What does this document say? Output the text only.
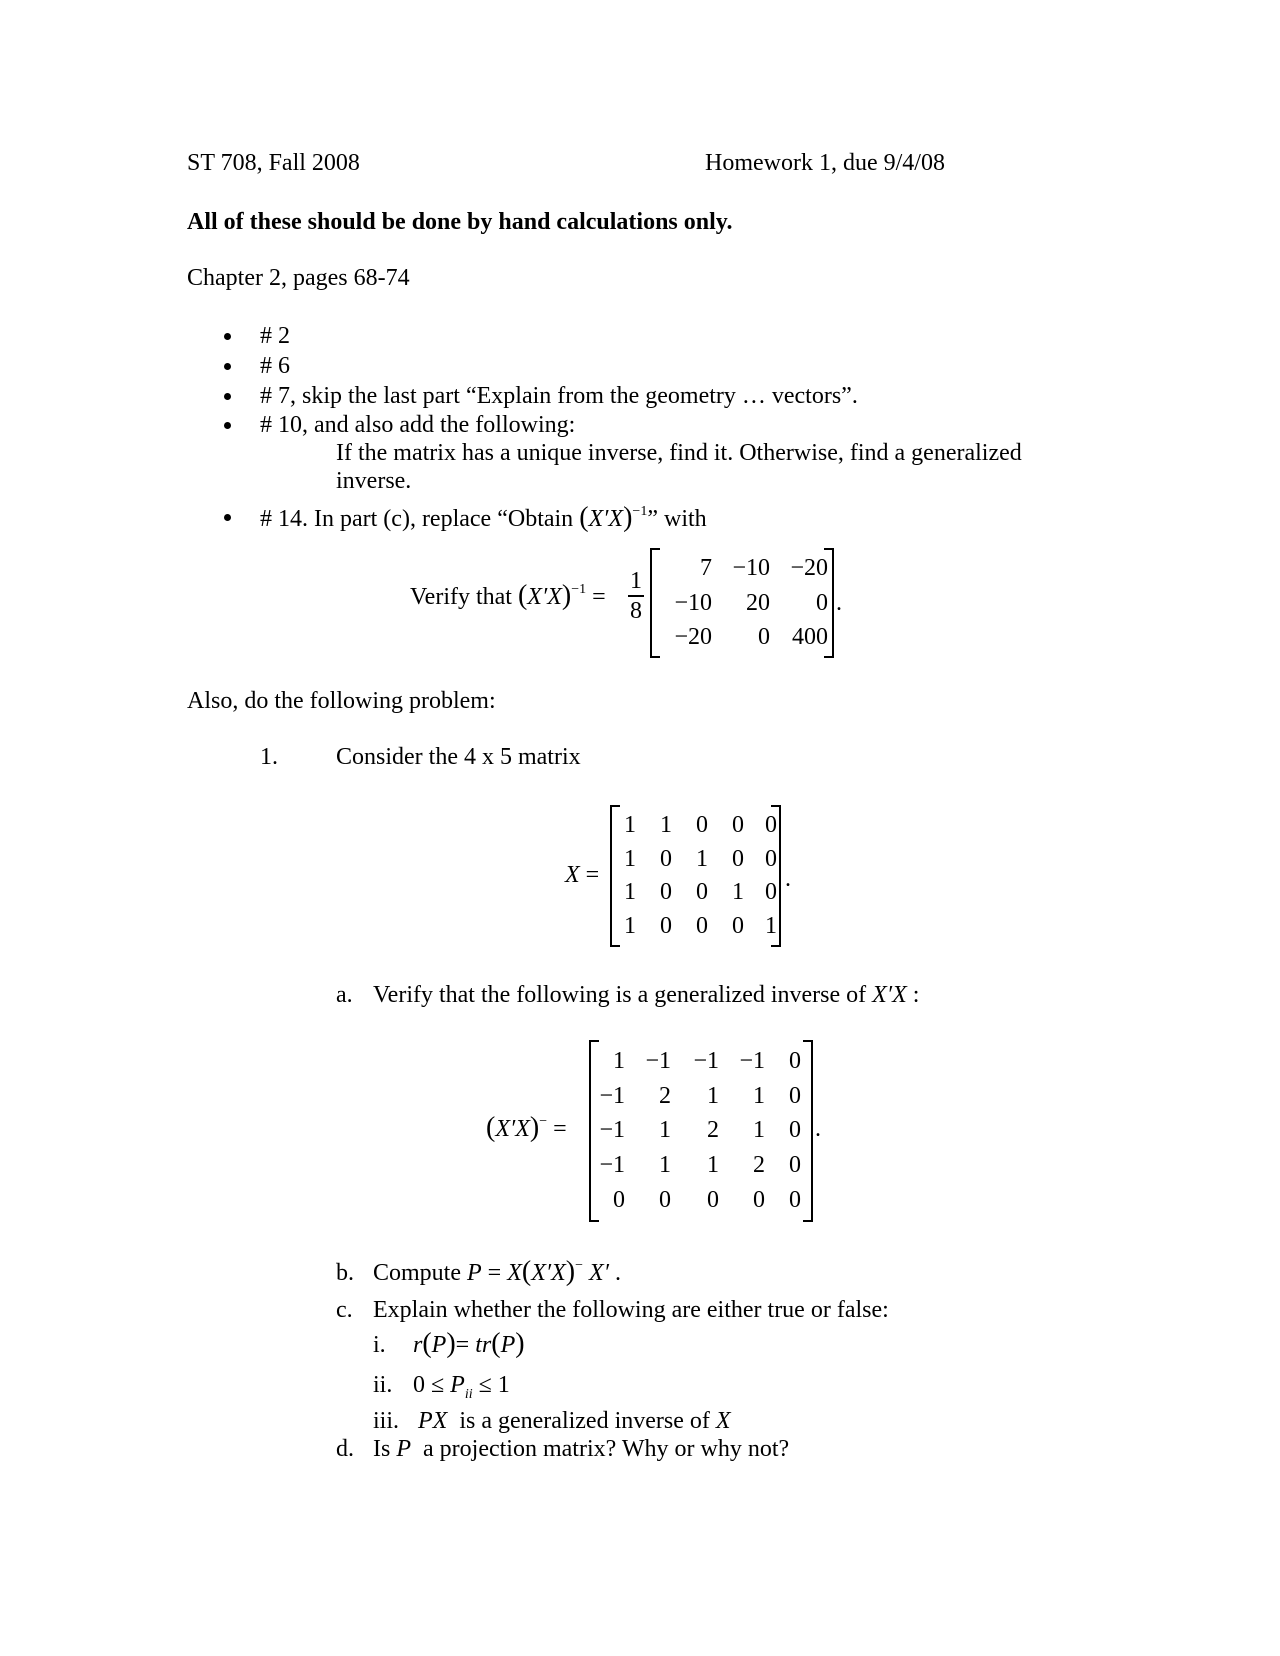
ST 708, Fall 2008	Homework 1, due 9/4/08
All of these should be done by hand calculations only.
Chapter 2, pages 68-74
# 2
# 6
# 7, skip the last part “Explain from the geometry … vectors”.
# 10, and also add the following:
If the matrix has a unique inverse, find it. Otherwise, find a generalized
inverse.
# 14. In part (c), replace “Obtain $(X'X)^{-1}$” with
Verify that $(X'X)^{-1}$ =
1
8
7 −10 −20
−10	20	0
−20	0 400
.
Also, do the following problem:
1. Consider the 4 x 5 matrix
X =
1	1	0	0 0
1	0	1	0 0
1	0	0	1 0
1	0	0	0 1
.
a. Verify that the following is a generalized inverse of X′X :
(X′X)− =
1 −1 −1 −1	0
−1	2	1	1	0
−1	1	2	1	0
−1	1	1	2	0
0	0	0	0	0
.
b. Compute P = X(X′X)− X′ .
c. Explain whether the following are either true or false:
i. r(P)= tr(P)
ii. $0 \le P_{ii} \le 1$
iii. PX is a generalized inverse of X
d. Is P a projection matrix? Why or why not?
